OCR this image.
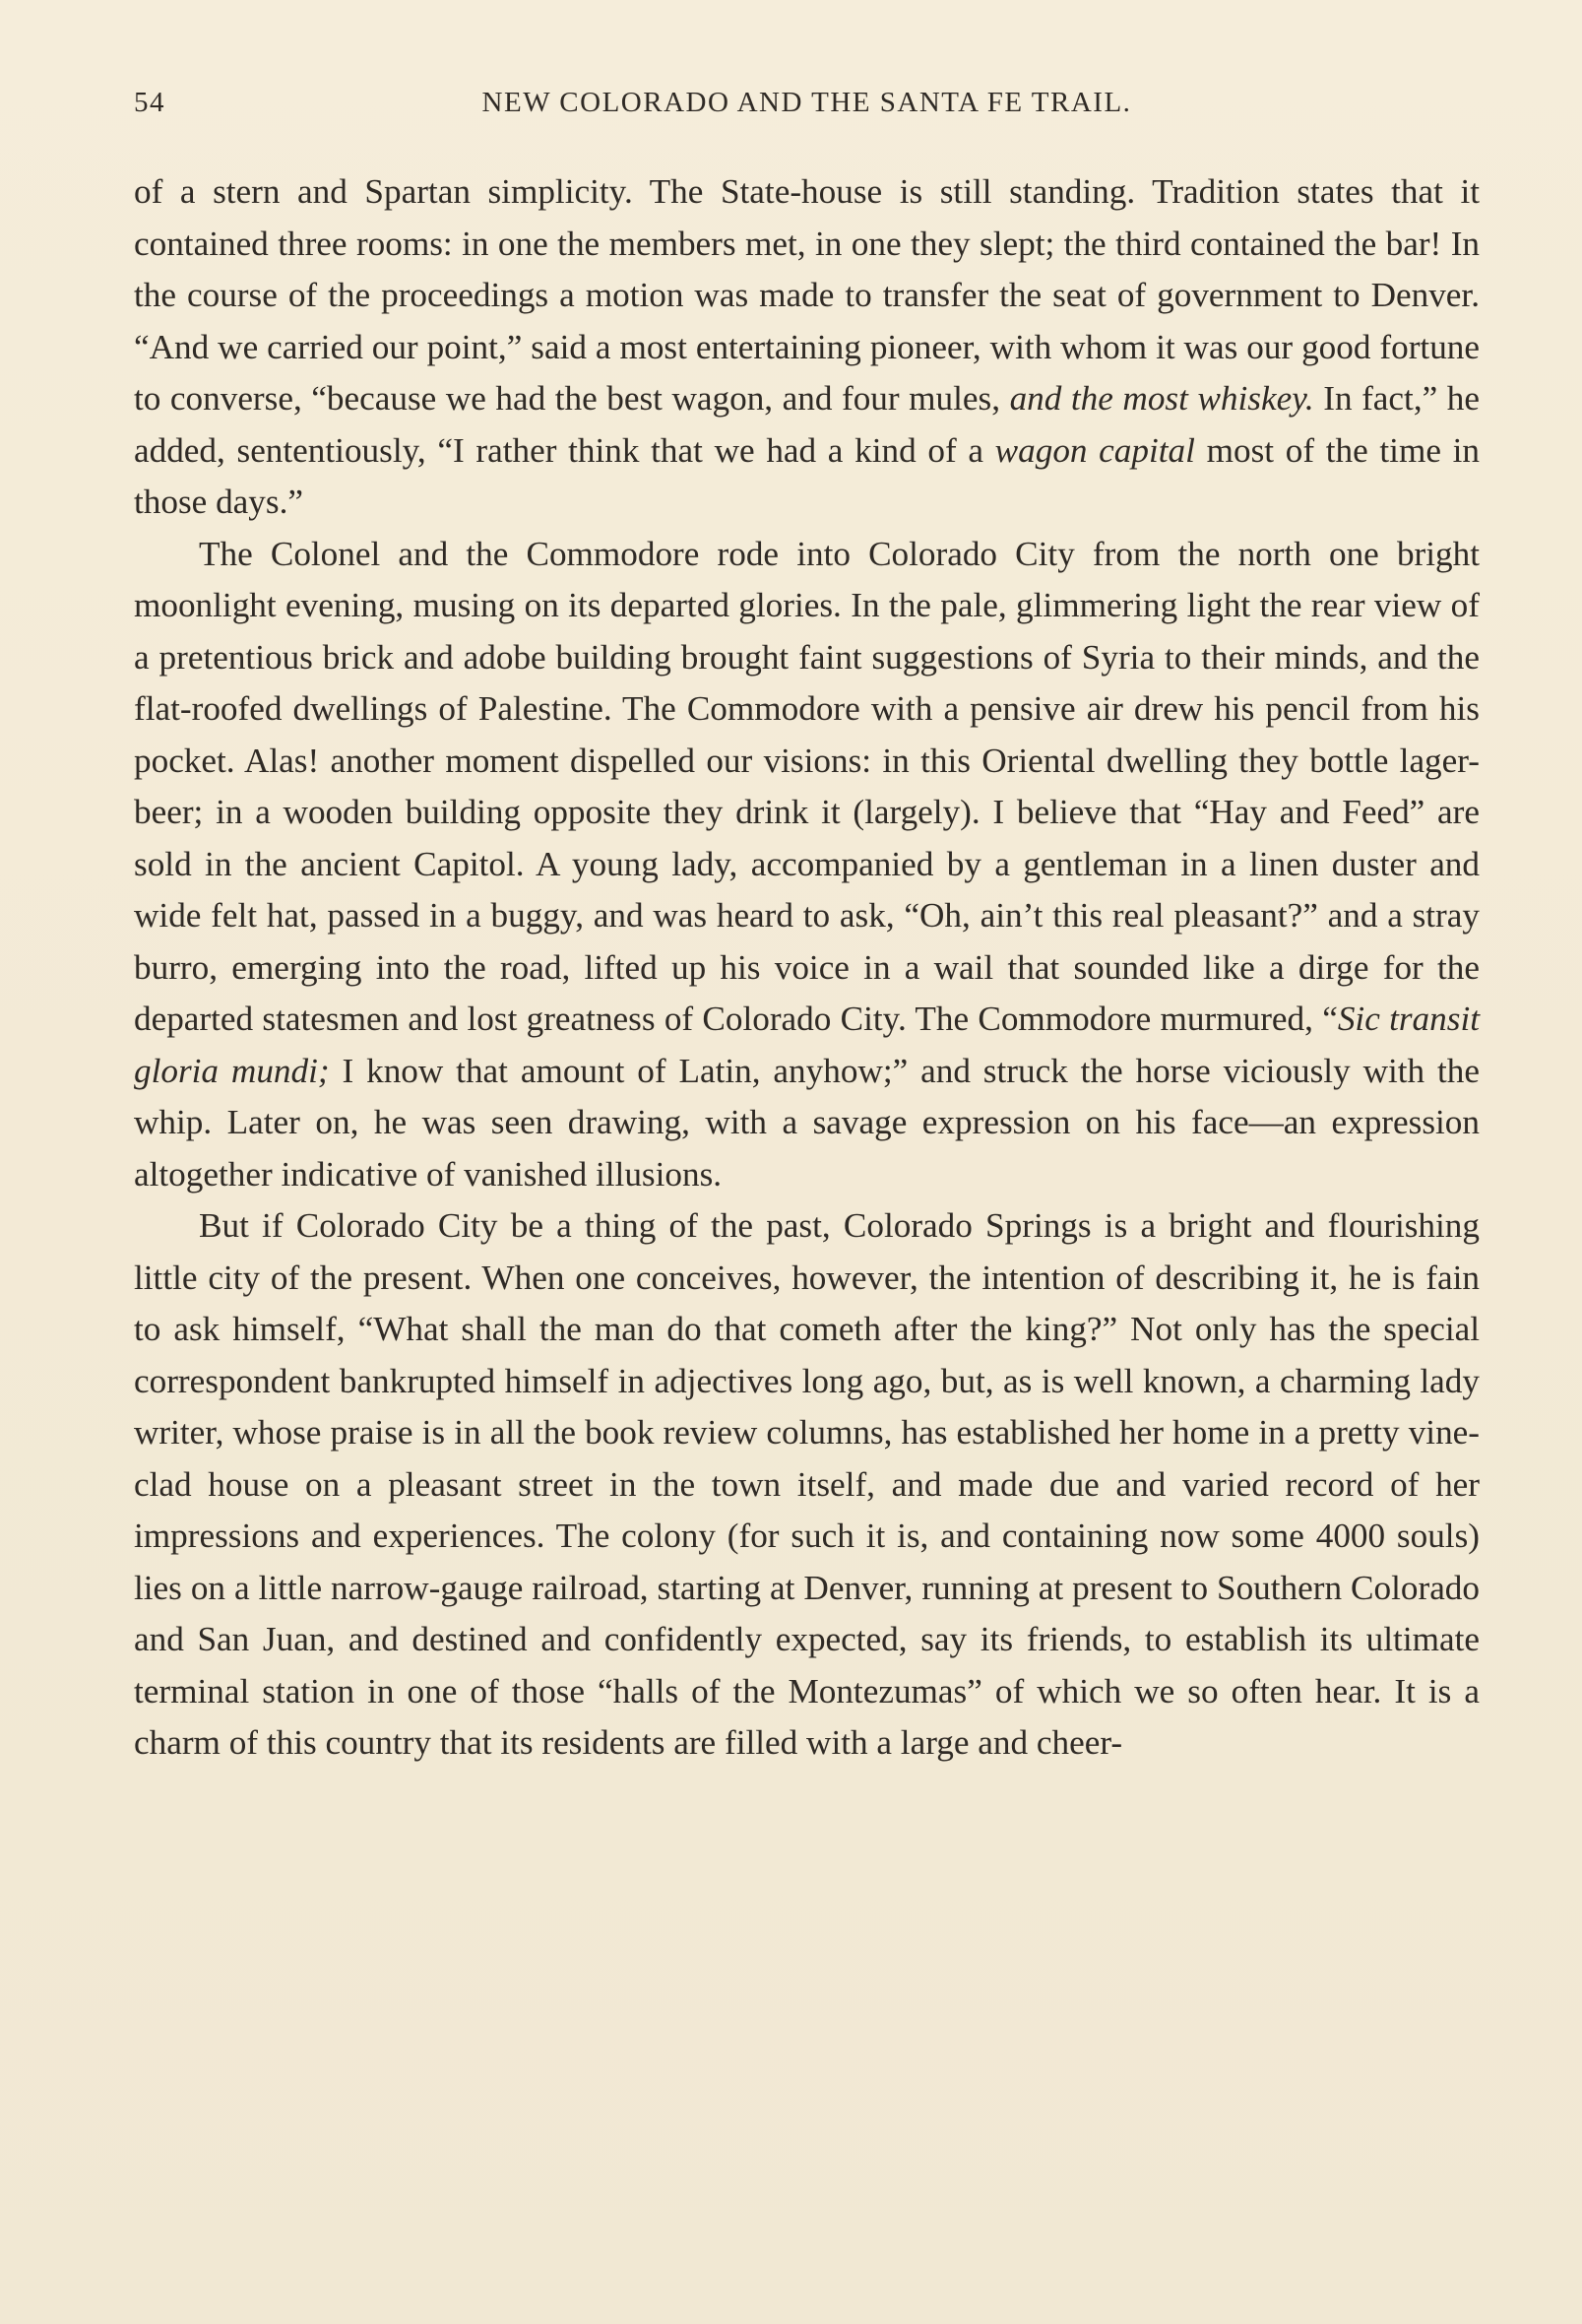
54	NEW COLORADO AND THE SANTA FE TRAIL.

of a stern and Spartan simplicity. The State-house is still standing. Tradition states that it contained three rooms: in one the members met, in one they slept; the third contained the bar! In the course of the proceedings a motion was made to transfer the seat of government to Denver. “And we carried our point,” said a most entertaining pioneer, with whom it was our good fortune to converse, “because we had the best wagon, and four mules, and the most whiskey. In fact,” he added, sententiously, “I rather think that we had a kind of a wagon capital most of the time in those days.”

The Colonel and the Commodore rode into Colorado City from the north one bright moonlight evening, musing on its departed glories. In the pale, glimmering light the rear view of a pretentious brick and adobe building brought faint suggestions of Syria to their minds, and the flat-roofed dwellings of Palestine. The Commodore with a pensive air drew his pencil from his pocket. Alas! another moment dispelled our visions: in this Oriental dwelling they bottle lager-beer; in a wooden building opposite they drink it (largely). I believe that “Hay and Feed” are sold in the ancient Capitol. A young lady, accompanied by a gentleman in a linen duster and wide felt hat, passed in a buggy, and was heard to ask, “Oh, ain’t this real pleasant?” and a stray burro, emerging into the road, lifted up his voice in a wail that sounded like a dirge for the departed statesmen and lost greatness of Colorado City. The Commodore murmured, “Sic transit gloria mundi; I know that amount of Latin, anyhow;” and struck the horse viciously with the whip. Later on, he was seen drawing, with a savage expression on his face—an expression altogether indicative of vanished illusions.

But if Colorado City be a thing of the past, Colorado Springs is a bright and flourishing little city of the present. When one conceives, however, the intention of describing it, he is fain to ask himself, “What shall the man do that cometh after the king?” Not only has the special correspondent bankrupted himself in adjectives long ago, but, as is well known, a charming lady writer, whose praise is in all the book review columns, has established her home in a pretty vine-clad house on a pleasant street in the town itself, and made due and varied record of her impressions and experiences. The colony (for such it is, and containing now some 4000 souls) lies on a little narrow-gauge railroad, starting at Denver, running at present to Southern Colorado and San Juan, and destined and confidently expected, say its friends, to establish its ultimate terminal station in one of those “halls of the Montezumas” of which we so often hear. It is a charm of this country that its residents are filled with a large and cheer-
